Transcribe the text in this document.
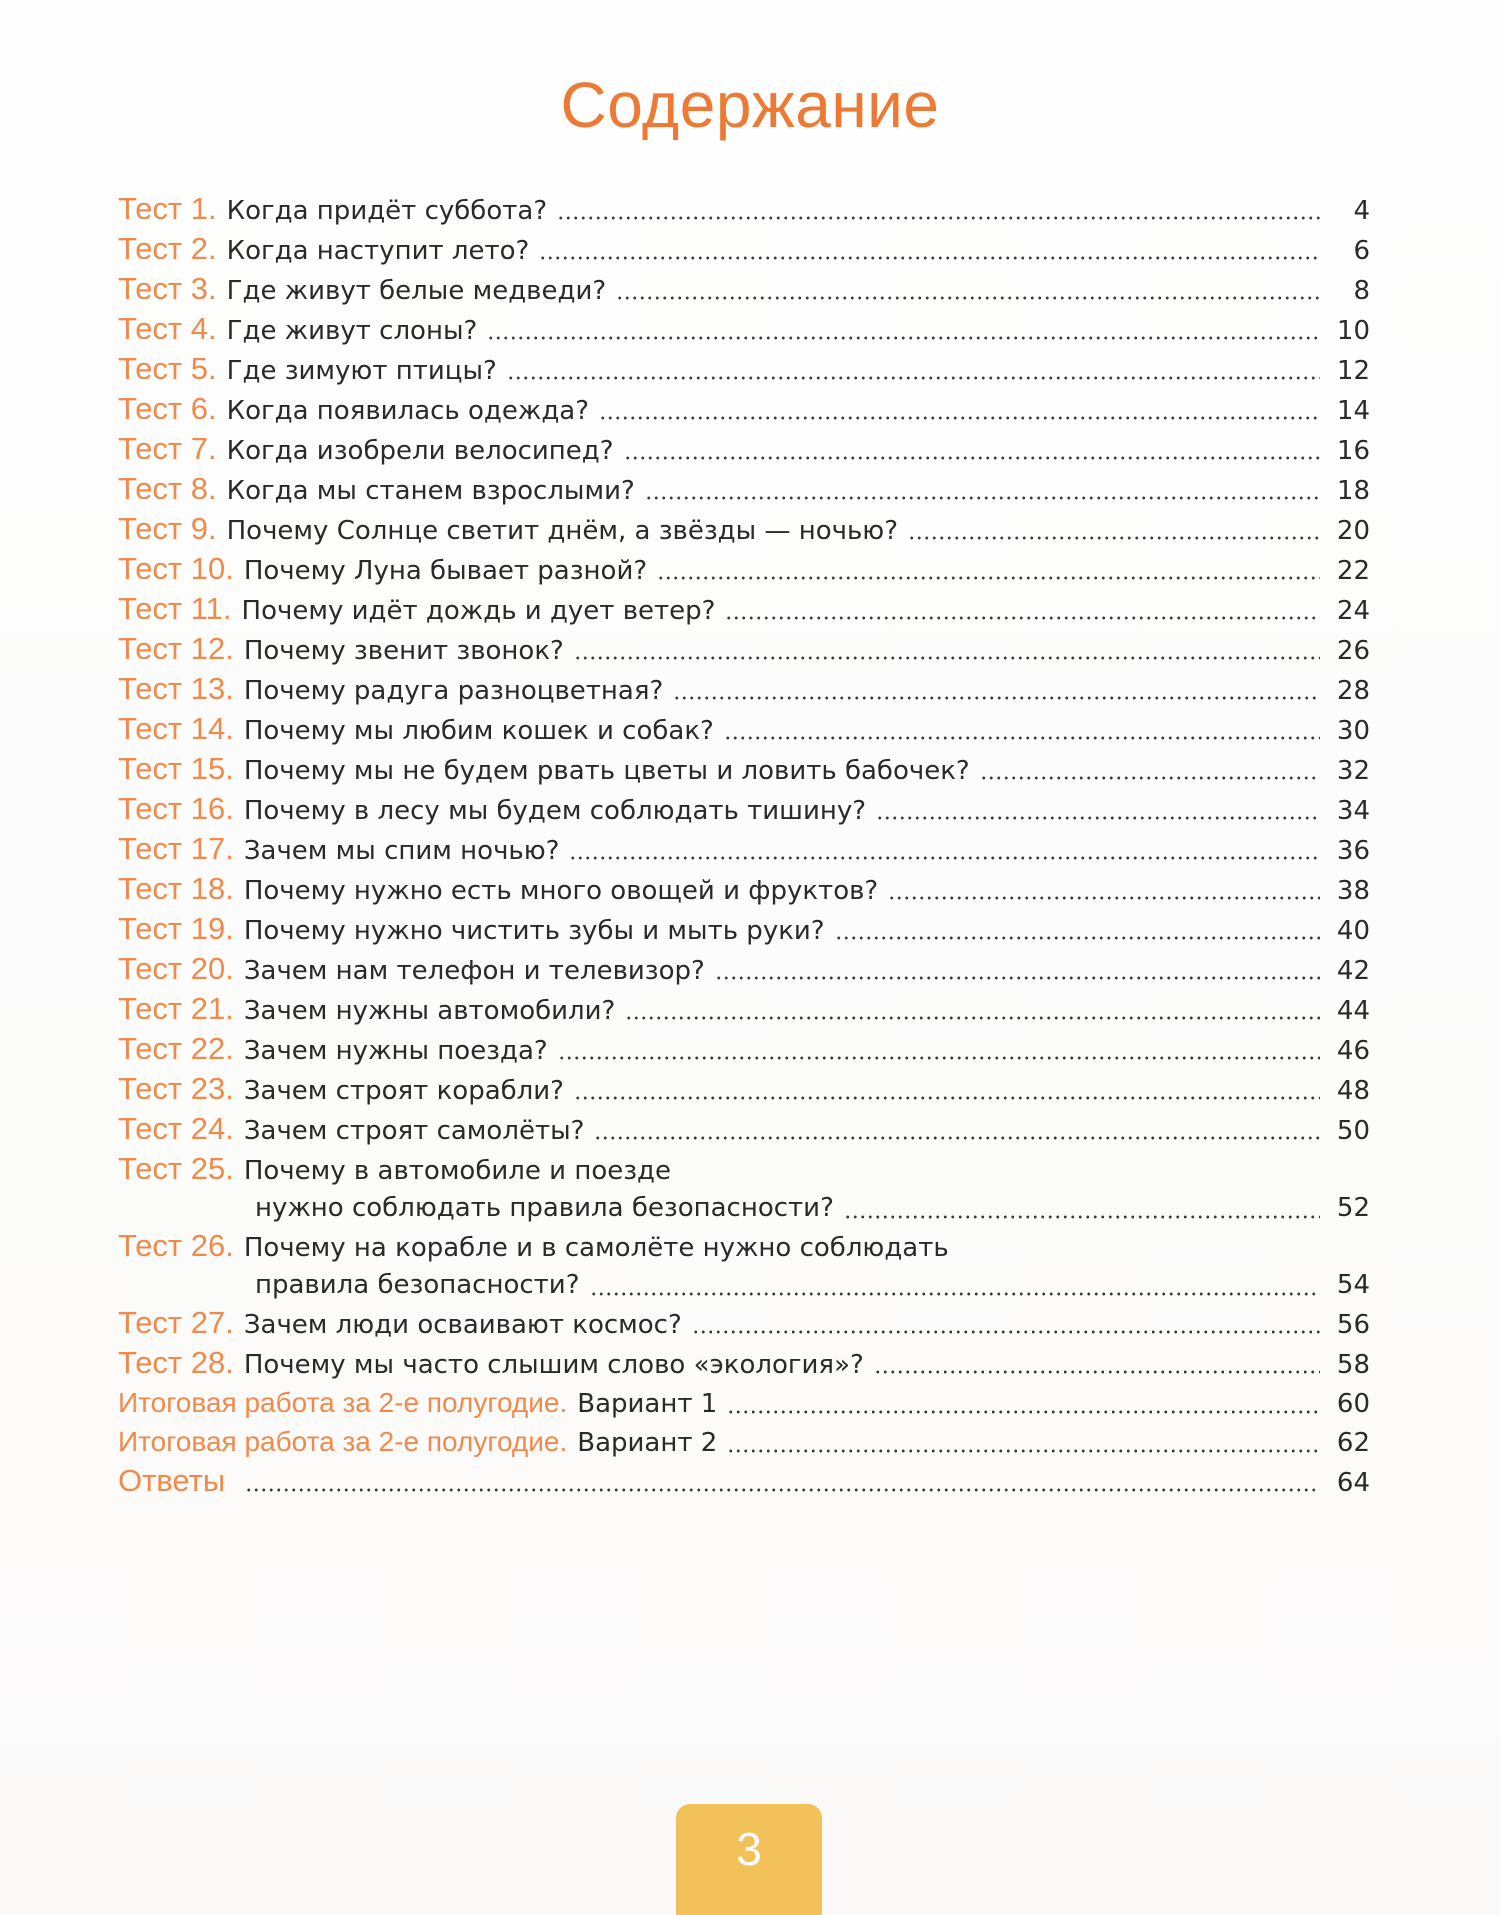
Содержание
Тест 1. Когда придёт суббота?	4
Тест 2. Когда наступит лето?	6
Тест 3. Где живут белые медведи?	8
Тест 4. Где живут слоны?	10
Тест 5. Где зимуют птицы?	12
Тест 6. Когда появилась одежда?	14
Тест 7. Когда изобрели велосипед?	16
Тест 8. Когда мы станем взрослыми?	18
Тест 9. Почему Солнце светит днём, а звёзды — ночью?	20
Тест 10. Почему Луна бывает разной?	22
Тест 11. Почему идёт дождь и дует ветер?	24
Тест 12. Почему звенит звонок?	26
Тест 13. Почему радуга разноцветная?	28
Тест 14. Почему мы любим кошек и собак?	30
Тест 15. Почему мы не будем рвать цветы и ловить бабочек?	32
Тест 16. Почему в лесу мы будем соблюдать тишину?	34
Тест 17. Зачем мы спим ночью?	36
Тест 18. Почему нужно есть много овощей и фруктов?	38
Тест 19. Почему нужно чистить зубы и мыть руки?	40
Тест 20. Зачем нам телефон и телевизор?	42
Тест 21. Зачем нужны автомобили?	44
Тест 22. Зачем нужны поезда?	46
Тест 23. Зачем строят корабли?	48
Тест 24. Зачем строят самолёты?	50
Тест 25. Почему в автомобиле и поезде
нужно соблюдать правила безопасности?	52
Тест 26. Почему на корабле и в самолёте нужно соблюдать
правила безопасности?	54
Тест 27. Зачем люди осваивают космос?	56
Тест 28. Почему мы часто слышим слово «экология»?	58
Итоговая работа за 2-е полугодие. Вариант 1	60
Итоговая работа за 2-е полугодие. Вариант 2	62
Ответы	64
3
